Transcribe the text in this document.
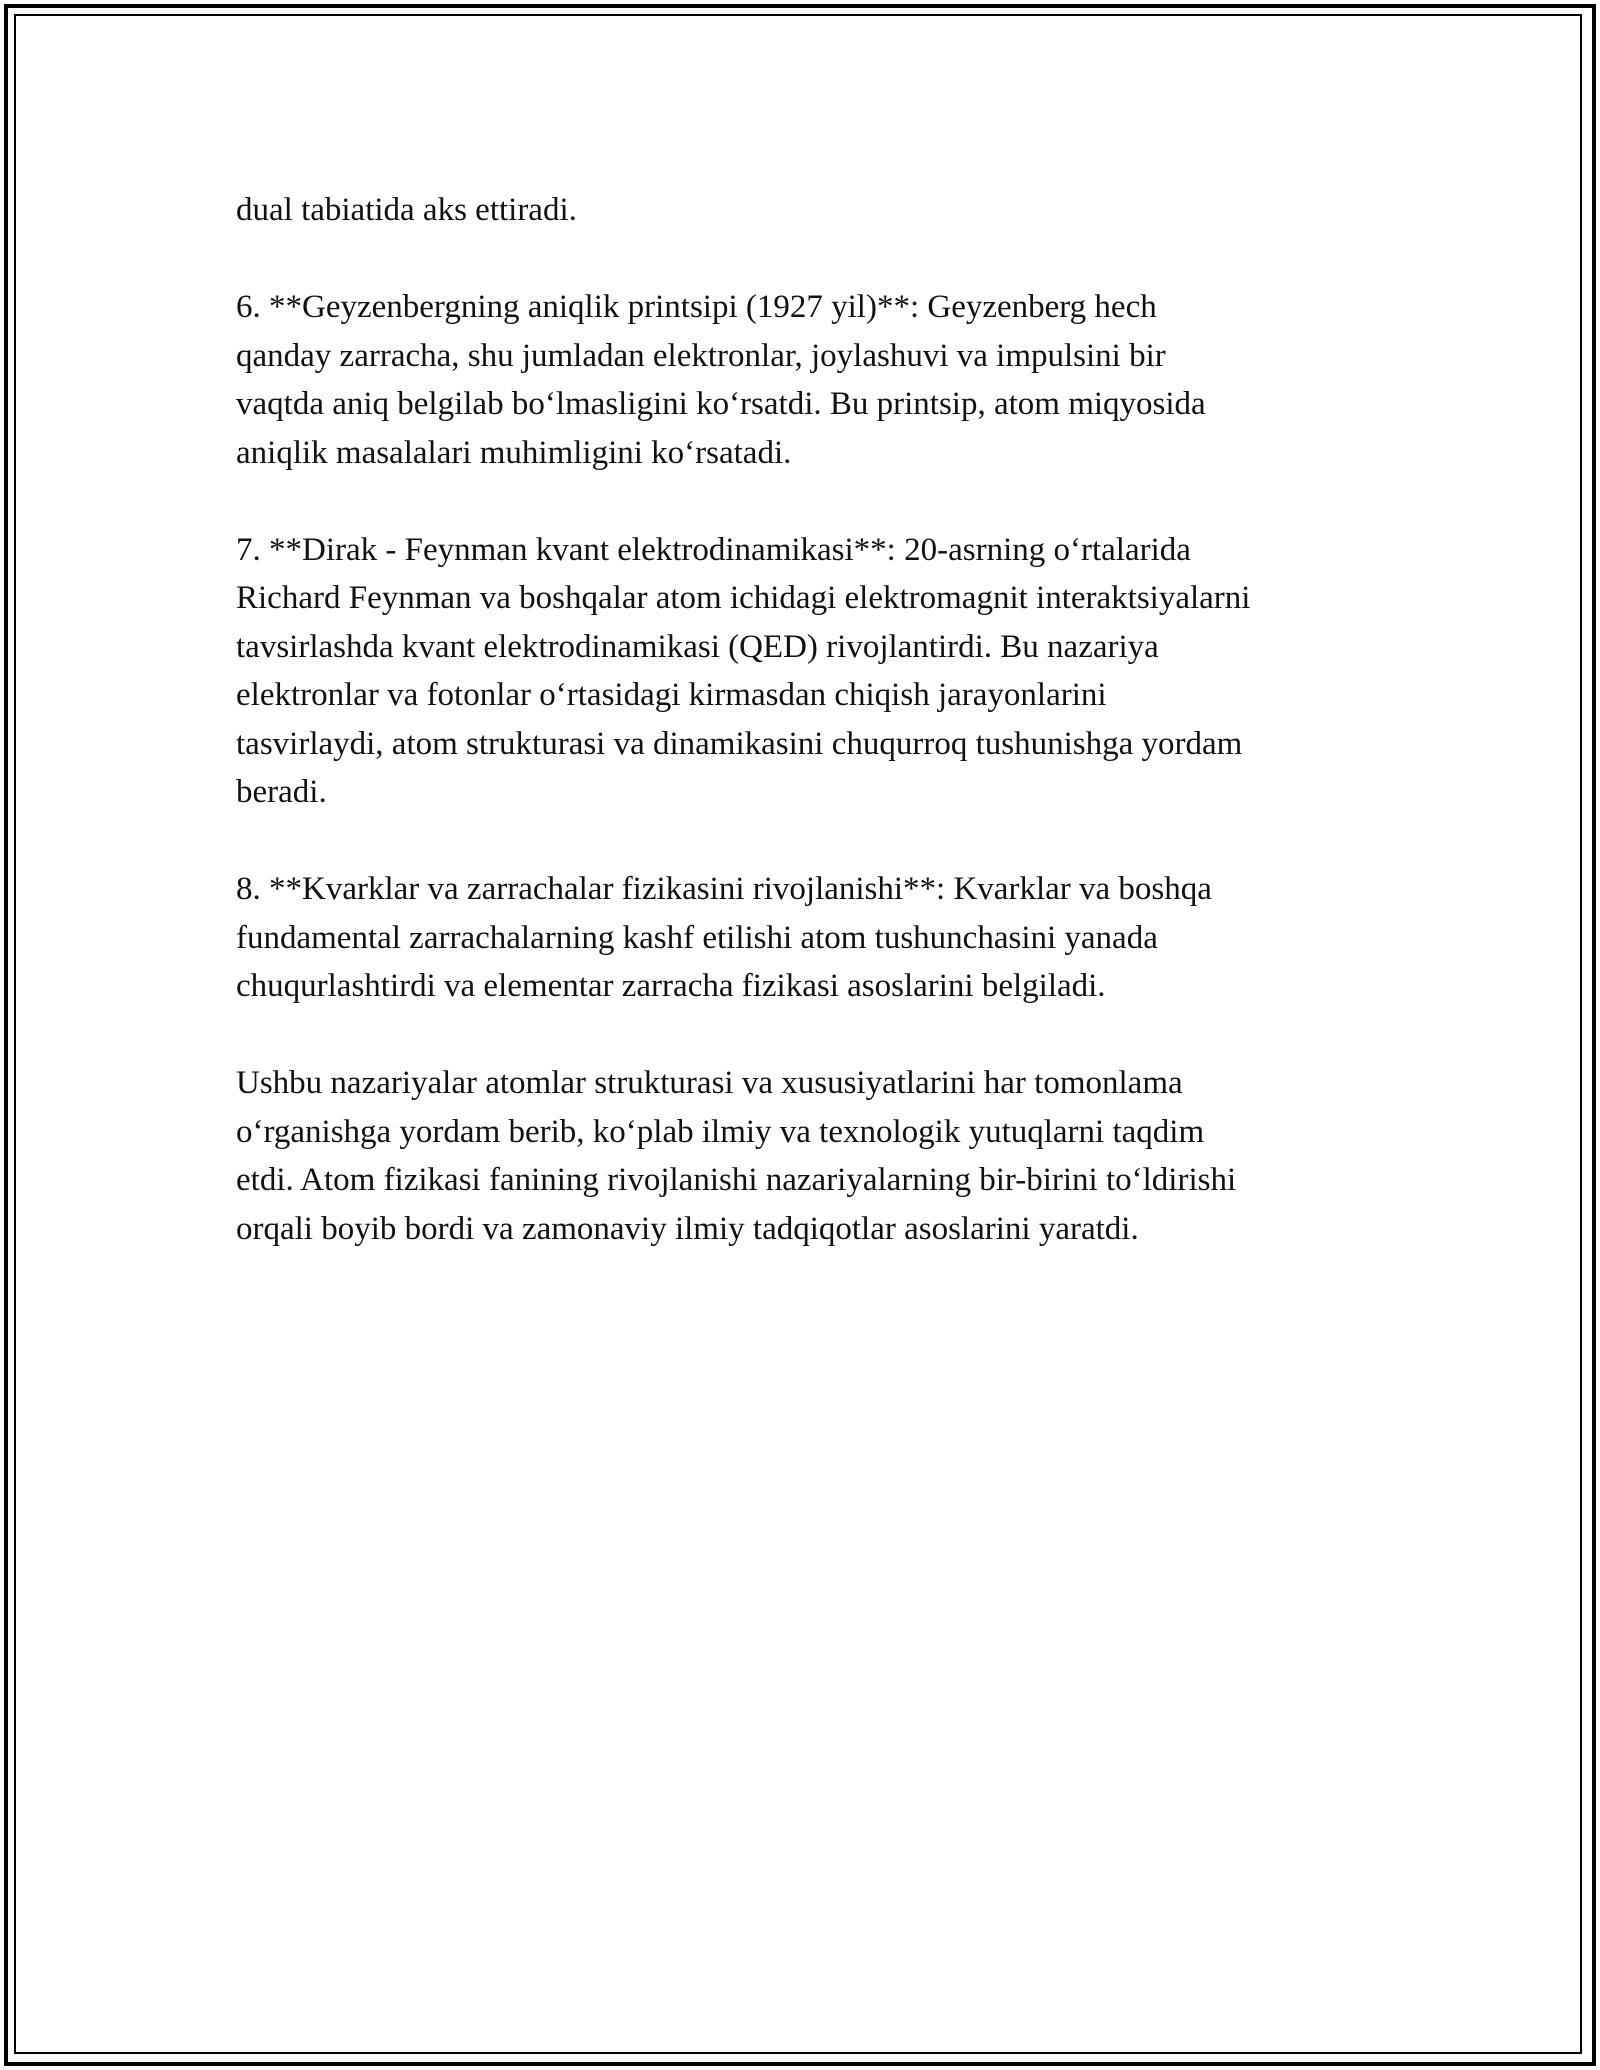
dual tabiatida aks ettiradi.
6. **Geyzenbergning aniqlik printsipi (1927 yil)**: Geyzenberg hech
qanday zarracha, shu jumladan elektronlar, joylashuvi va impulsini bir
vaqtda aniq belgilab bo‘lmasligini ko‘rsatdi. Bu printsip, atom miqyosida
aniqlik masalalari muhimligini ko‘rsatadi.
7. **Dirak - Feynman kvant elektrodinamikasi**: 20-asrning o‘rtalarida
Richard Feynman va boshqalar atom ichidagi elektromagnit interaktsiyalarni
tavsirlashda kvant elektrodinamikasi (QED) rivojlantirdi. Bu nazariya
elektronlar va fotonlar o‘rtasidagi kirmasdan chiqish jarayonlarini
tasvirlaydi, atom strukturasi va dinamikasini chuqurroq tushunishga yordam
beradi.
8. **Kvarklar va zarrachalar fizikasini rivojlanishi**: Kvarklar va boshqa
fundamental zarrachalarning kashf etilishi atom tushunchasini yanada
chuqurlashtirdi va elementar zarracha fizikasi asoslarini belgiladi.
Ushbu nazariyalar atomlar strukturasi va xususiyatlarini har tomonlama
o‘rganishga yordam berib, ko‘plab ilmiy va texnologik yutuqlarni taqdim
etdi. Atom fizikasi fanining rivojlanishi nazariyalarning bir-birini to‘ldirishi
orqali boyib bordi va zamonaviy ilmiy tadqiqotlar asoslarini yaratdi.
